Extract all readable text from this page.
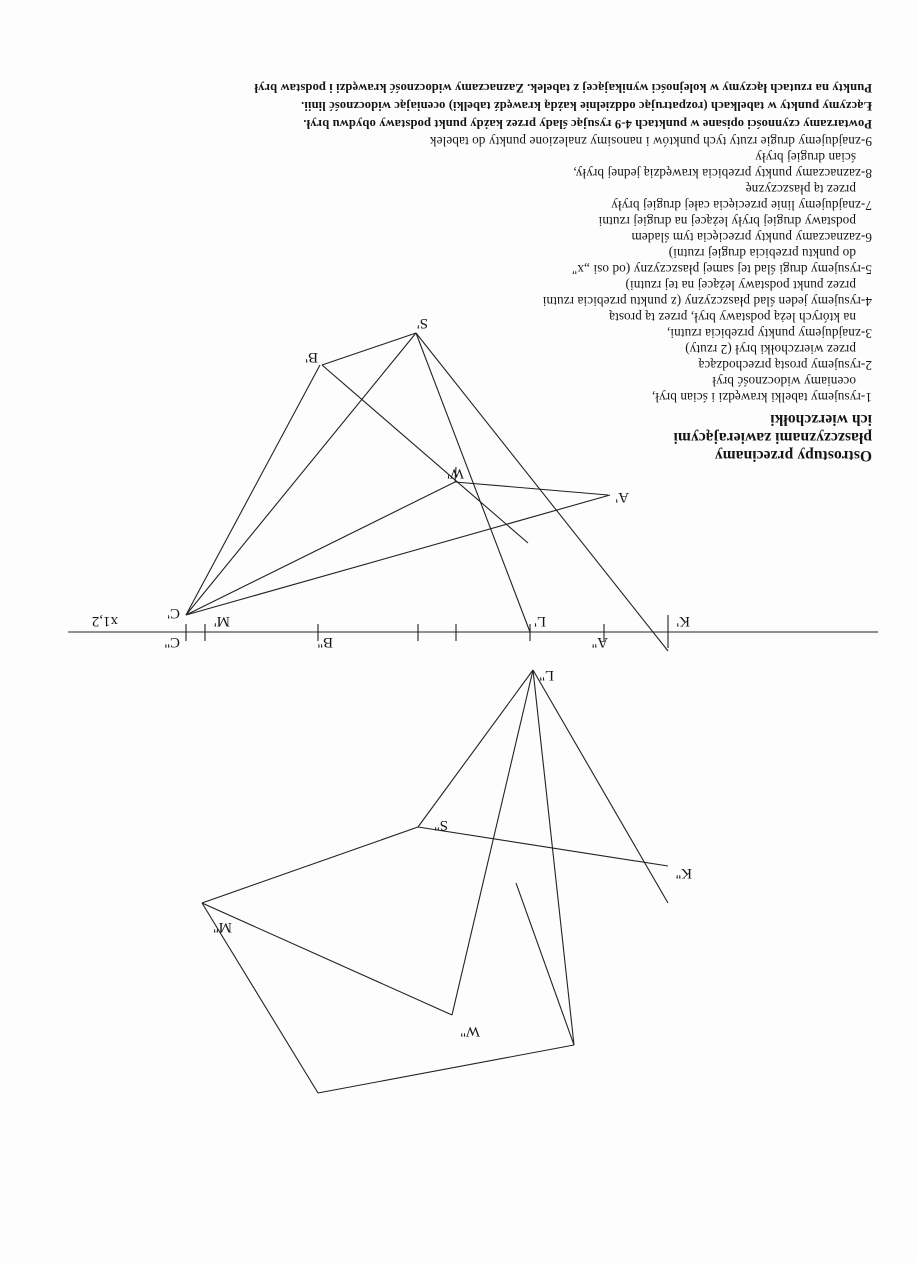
S'
B'
W'
A'
C' M'	L'	K'
x1,2
C''	B''	A''
L''
S''
K''
M''
W''
Ostrostupy przecinamy
płaszczyznami zawierającymi
ich wierzchołki
1-rysujemy tabelki krawędzi i ścian brył,
oceniamy widoczność brył
2-rysujemy prostą przechodzącą
przez wierzchołki brył (2 rzuty)
3-znajdujemy punkty przebicia rzutni,
na których leżą podstawy brył, przez tą prostą
4-rysujemy jeden ślad płaszczyzny (z punktu przebicia rzutni
przez punkt podstawy leżącej na tej rzutni)
5-rysujemy drugi ślad tej samej płaszczyzny (od osi „x"
do punktu przebicia drugiej rzutni)
6-zaznaczamy punkty przecięcia tym śladem
podstawy drugiej bryły leżącej na drugiej rzutni
7-znajdujemy linie przecięcia całej drugiej bryły
przez tą płaszczyznę
8-zaznaczamy punkty przebicia krawędzią jednej bryły,
ścian drugiej bryły
9-znajdujemy drugie rzuty tych punktów i nanosimy znalezione punkty do tabelek
Powtarzamy czynności opisane w punktach 4-9 rysując ślady przez każdy punkt podstawy obydwu brył.
Łączymy punkty w tabelkach (rozpatrując oddzielnie każdą krawędź tabelki) oceniając widoczność linii.
Punkty na rzutach łączymy w kolejności wynikającej z tabelek. Zaznaczamy widoczność krawędzi i podstaw brył
